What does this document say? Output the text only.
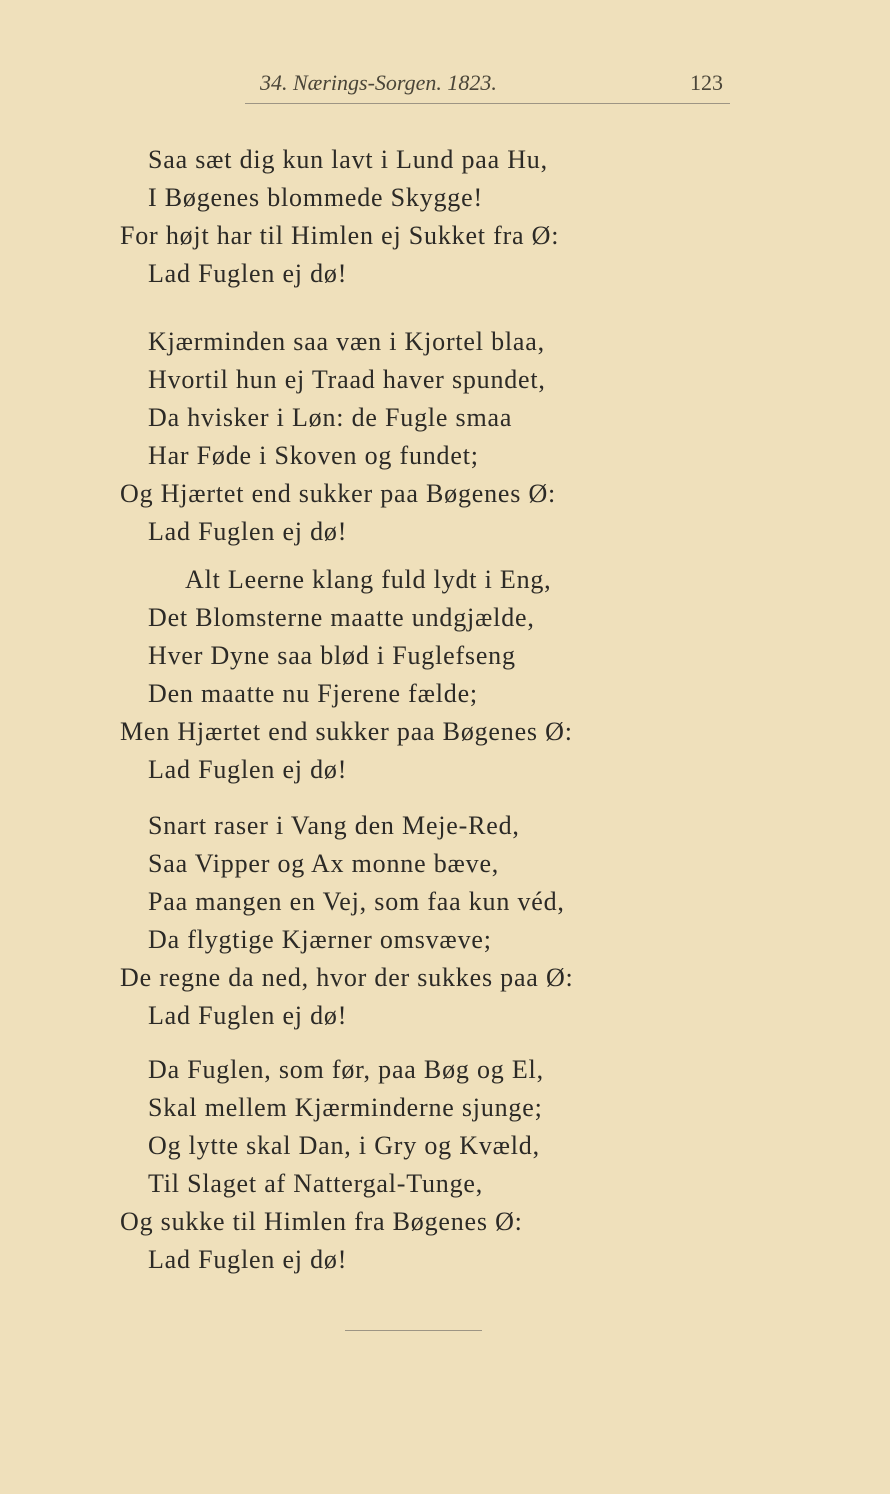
34. Nærings-Sorgen. 1823.	123
Saa sæt dig kun lavt i Lund paa Hu,
I Bøgenes blommede Skygge!
For højt har til Himlen ej Sukket fra Ø:
Lad Fuglen ej dø!
Kjærminden saa væn i Kjortel blaa,
Hvortil hun ej Traad haver spundet,
Da hvisker i Løn: de Fugle smaa
Har Føde i Skoven og fundet;
Og Hjærtet end sukker paa Bøgenes Ø:
Lad Fuglen ej dø!
Alt Leerne klang fuld lydt i Eng,
Det Blomsterne maatte undgjælde,
Hver Dyne saa blød i Fuglefseng
Den maatte nu Fjerene fælde;
Men Hjærtet end sukker paa Bøgenes Ø:
Lad Fuglen ej dø!
Snart raser i Vang den Meje-Red,
Saa Vipper og Ax monne bæve,
Paa mangen en Vej, som faa kun véd,
Da flygtige Kjærner omsvæve;
De regne da ned, hvor der sukkes paa Ø:
Lad Fuglen ej dø!
Da Fuglen, som før, paa Bøg og El,
Skal mellem Kjærminderne sjunge;
Og lytte skal Dan, i Gry og Kvæld,
Til Slaget af Nattergal-Tunge,
Og sukke til Himlen fra Bøgenes Ø:
Lad Fuglen ej dø!
